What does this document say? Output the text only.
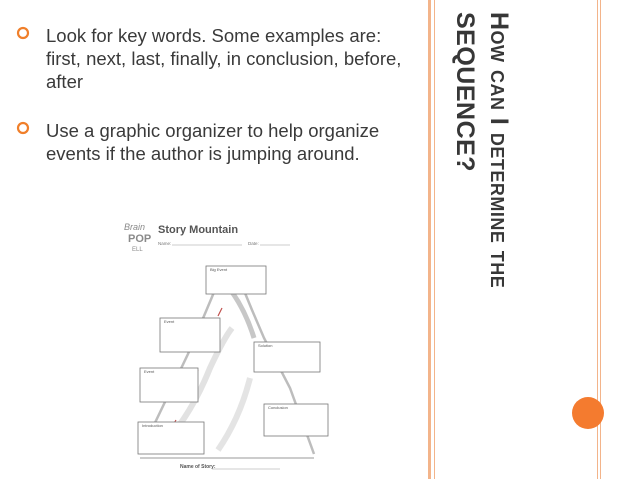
Look for key words. Some examples are: first, next, last, finally, in conclusion, before, after
Use a graphic organizer to help organize events if the author is jumping around.
Brain
POP
ELL
Story Mountain
Name:	Date:
Big Event
Event
Solution
Event
Conclusion
Introduction
Name of Story:
How can I determine the
SEQUENCE?
